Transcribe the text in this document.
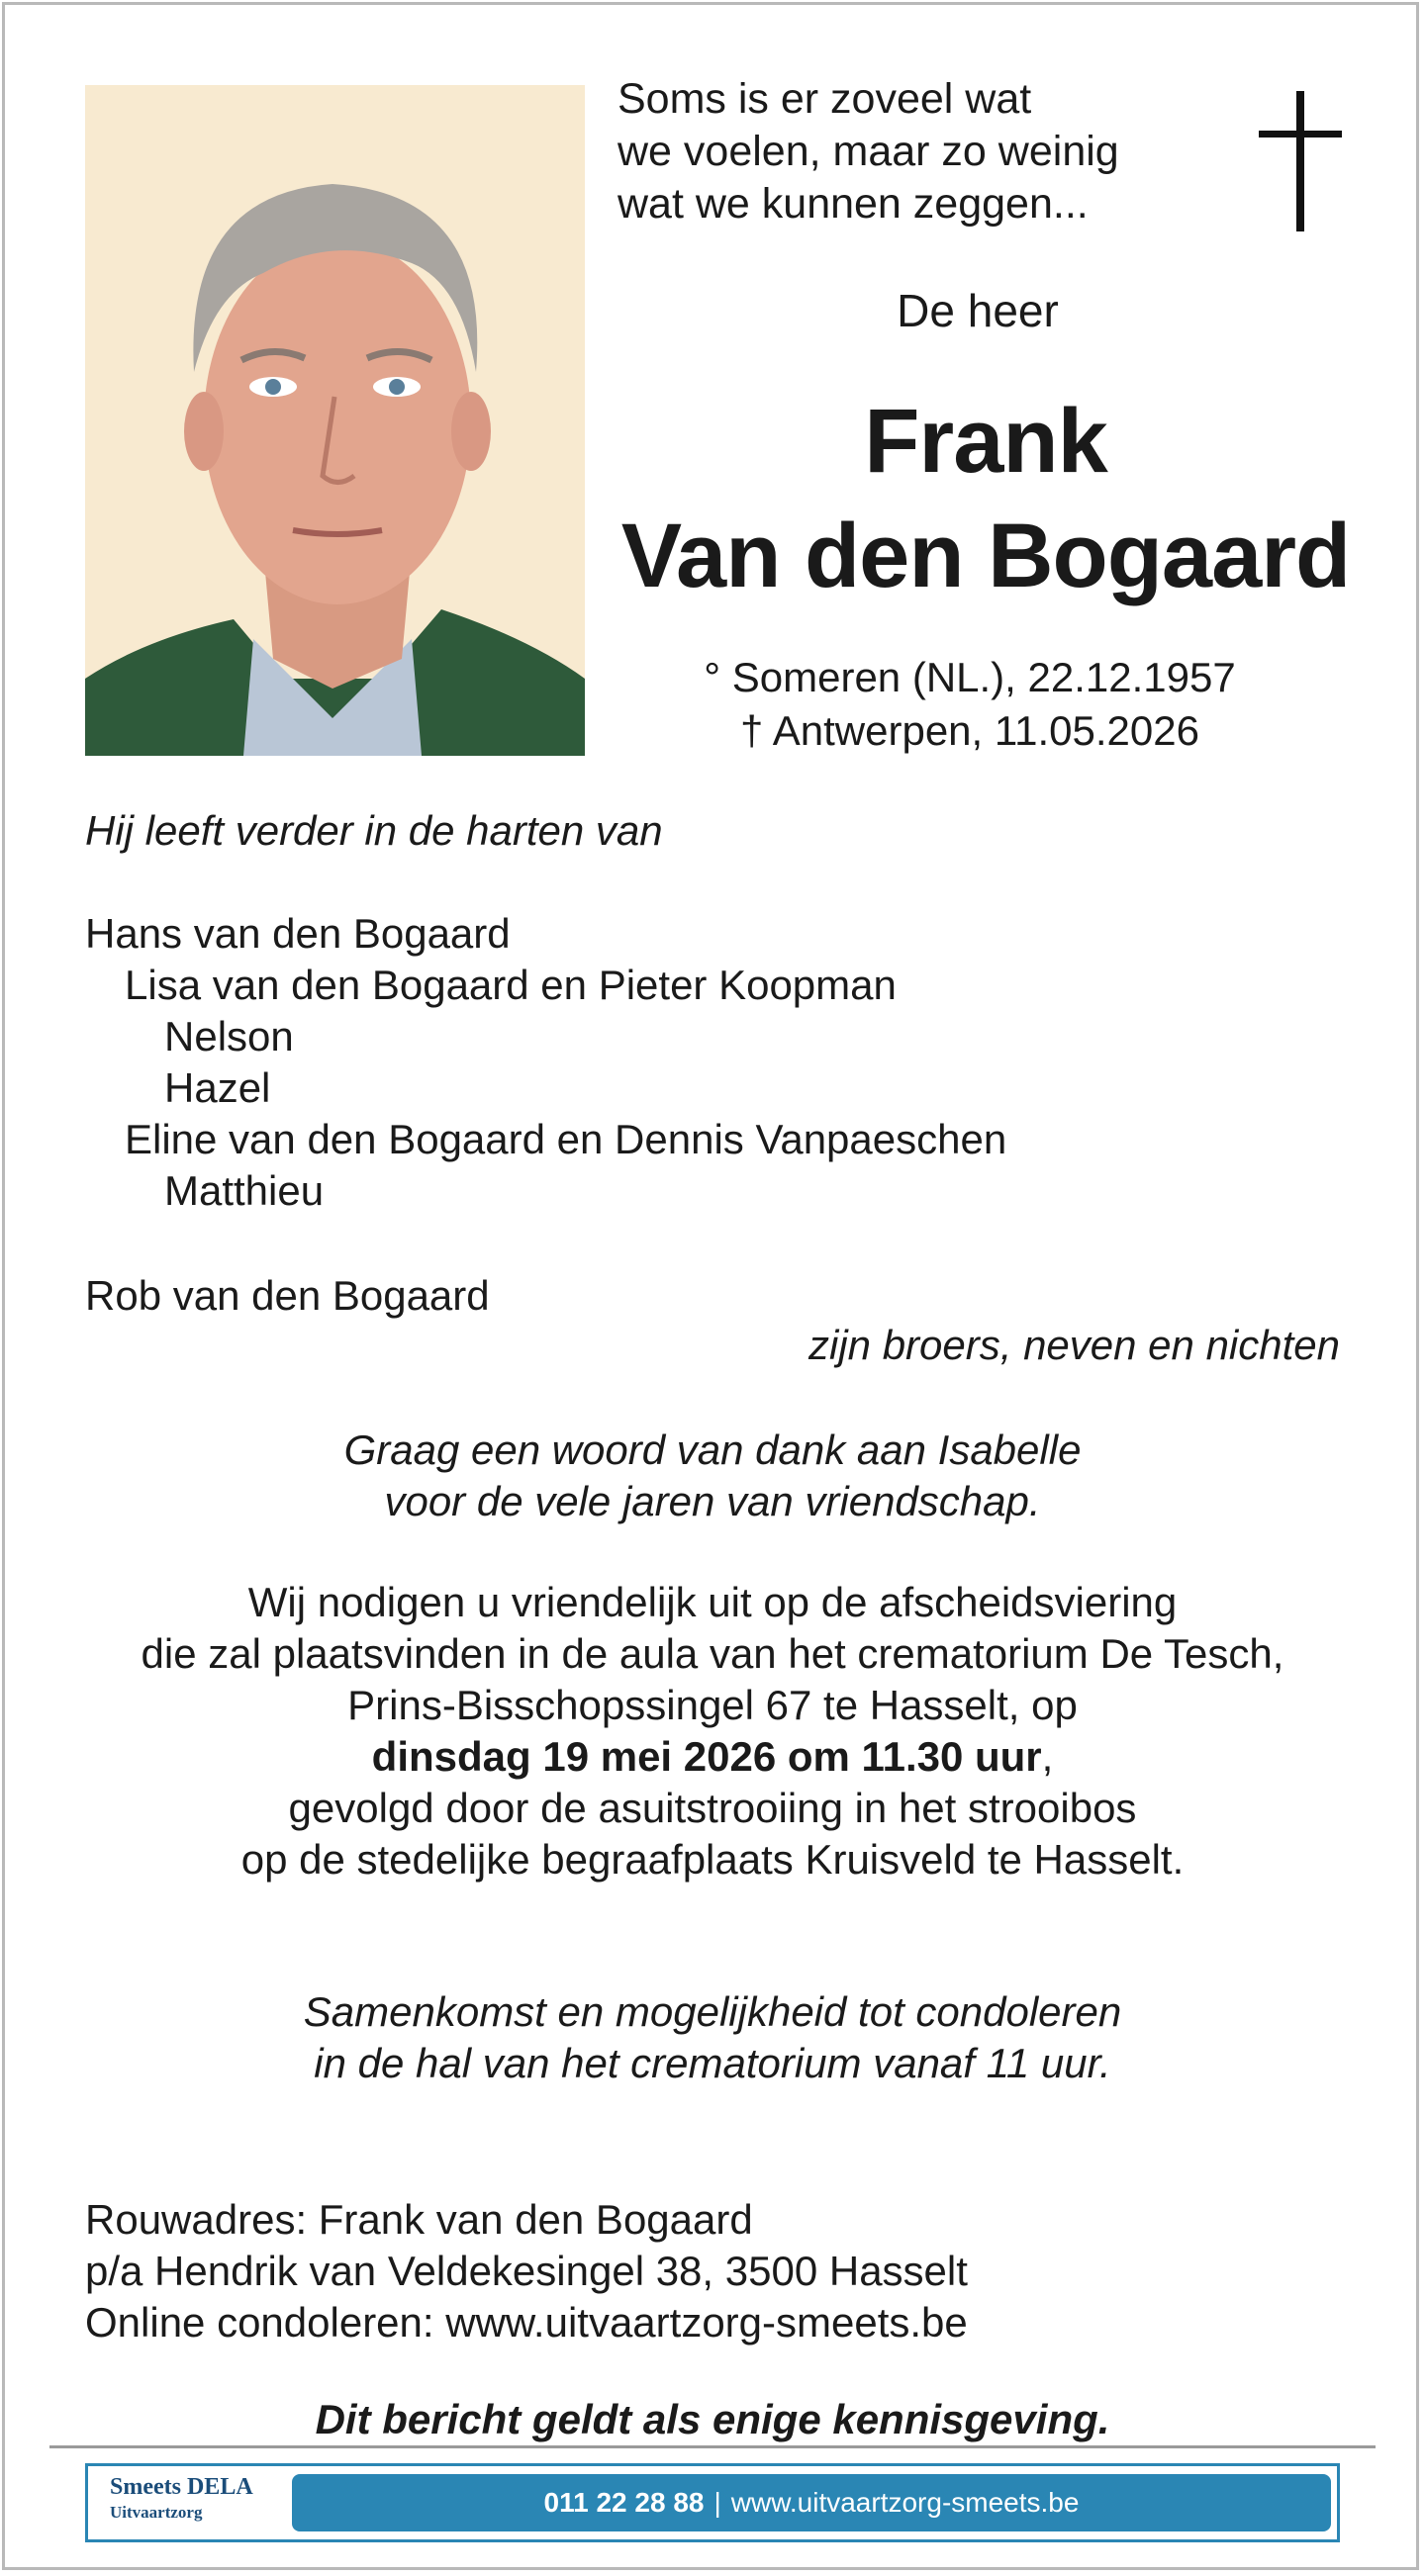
Soms is er zoveel wat
we voelen, maar zo weinig
wat we kunnen zeggen...
De heer
Frank
Van den Bogaard
° Someren (NL.), 22.12.1957
† Antwerpen, 11.05.2026
Hij leeft verder in de harten van
Hans van den Bogaard
Lisa van den Bogaard en Pieter Koopman
Nelson
Hazel
Eline van den Bogaard en Dennis Vanpaeschen
Matthieu
Rob van den Bogaard
zijn broers, neven en nichten
Graag een woord van dank aan Isabelle
voor de vele jaren van vriendschap.
Wij nodigen u vriendelijk uit op de afscheidsviering
die zal plaatsvinden in de aula van het crematorium De Tesch,
Prins-Bisschopssingel 67 te Hasselt, op
dinsdag 19 mei 2026 om 11.30 uur,
gevolgd door de asuitstrooiing in het strooibos
op de stedelijke begraafplaats Kruisveld te Hasselt.
Samenkomst en mogelijkheid tot condoleren
in de hal van het crematorium vanaf 11 uur.
Rouwadres: Frank van den Bogaard
p/a Hendrik van Veldekesingel 38, 3500 Hasselt
Online condoleren: www.uitvaartzorg-smeets.be
Dit bericht geldt als enige kennisgeving.
Smeets DELA
Uitvaartzorg	011 22 28 88 | www.uitvaartzorg-smeets.be
